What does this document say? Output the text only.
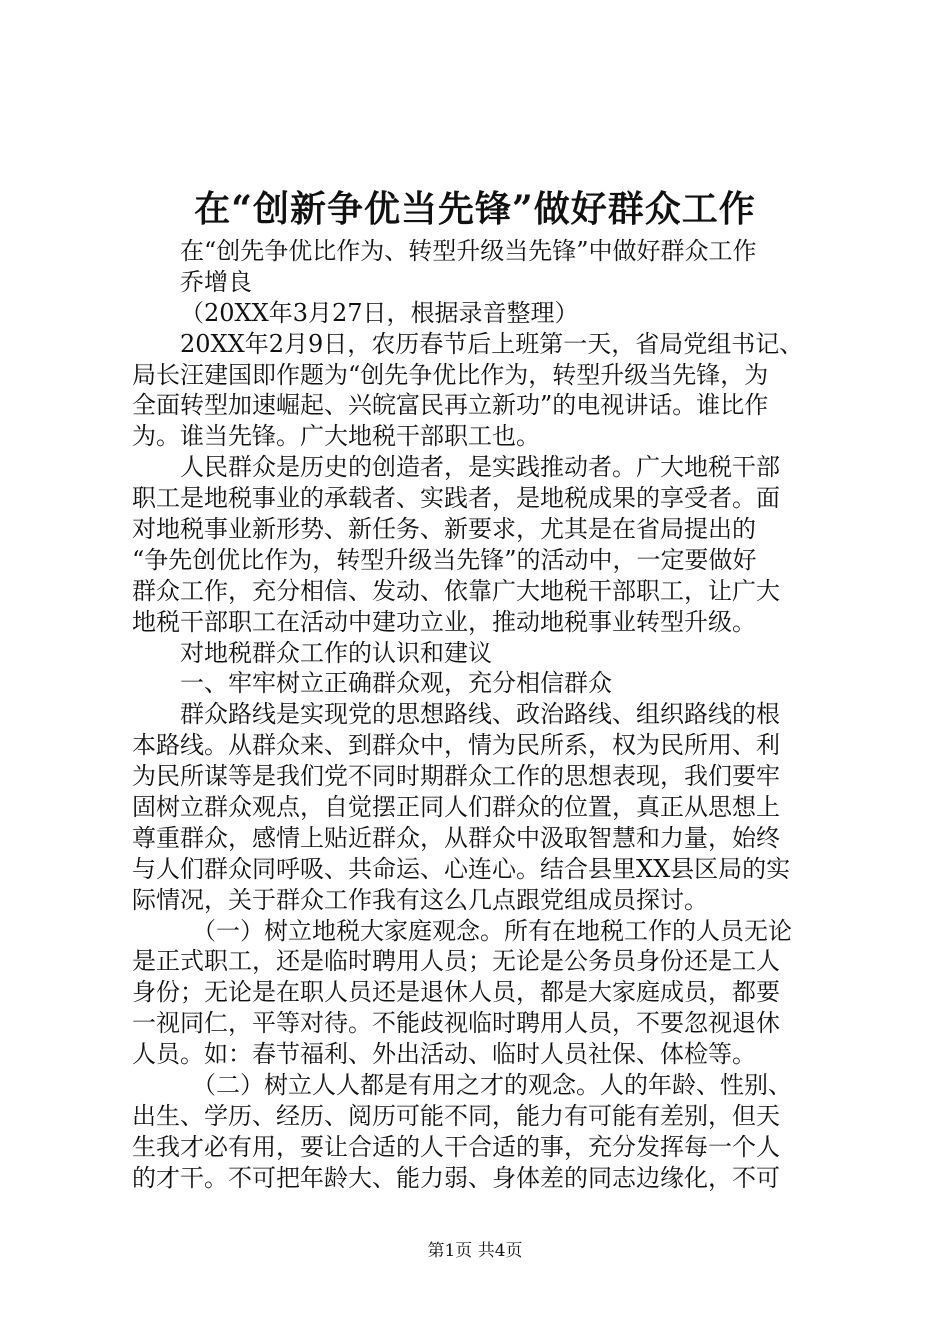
在“创新争优当先锋”做好群众工作
在“创先争优比作为、转型升级当先锋”中做好群众工作
乔增良
（20XX年3月27日，根据录音整理）
20XX年2月9日，农历春节后上班第一天，省局党组书记、
局长汪建国即作题为“创先争优比作为，转型升级当先锋，为
全面转型加速崛起、兴皖富民再立新功”的电视讲话。谁比作
为。谁当先锋。广大地税干部职工也。
人民群众是历史的创造者，是实践推动者。广大地税干部
职工是地税事业的承载者、实践者，是地税成果的享受者。面
对地税事业新形势、新任务、新要求，尤其是在省局提出的
“争先创优比作为，转型升级当先锋”的活动中，一定要做好
群众工作，充分相信、发动、依靠广大地税干部职工，让广大
地税干部职工在活动中建功立业，推动地税事业转型升级。
对地税群众工作的认识和建议
一、牢牢树立正确群众观，充分相信群众
群众路线是实现党的思想路线、政治路线、组织路线的根
本路线。从群众来、到群众中，情为民所系，权为民所用、利
为民所谋等是我们党不同时期群众工作的思想表现，我们要牢
固树立群众观点，自觉摆正同人们群众的位置，真正从思想上
尊重群众，感情上贴近群众，从群众中汲取智慧和力量，始终
与人们群众同呼吸、共命运、心连心。结合县里XX县区局的实
际情况，关于群众工作我有这么几点跟党组成员探讨。
（一）树立地税大家庭观念。所有在地税工作的人员无论
是正式职工，还是临时聘用人员；无论是公务员身份还是工人
身份；无论是在职人员还是退休人员，都是大家庭成员，都要
一视同仁，平等对待。不能歧视临时聘用人员，不要忽视退休
人员。如：春节福利、外出活动、临时人员社保、体检等。
（二）树立人人都是有用之才的观念。人的年龄、性别、
出生、学历、经历、阅历可能不同，能力有可能有差别，但天
生我才必有用，要让合适的人干合适的事，充分发挥每一个人
的才干。不可把年龄大、能力弱、身体差的同志边缘化，不可
第1页 共4页
